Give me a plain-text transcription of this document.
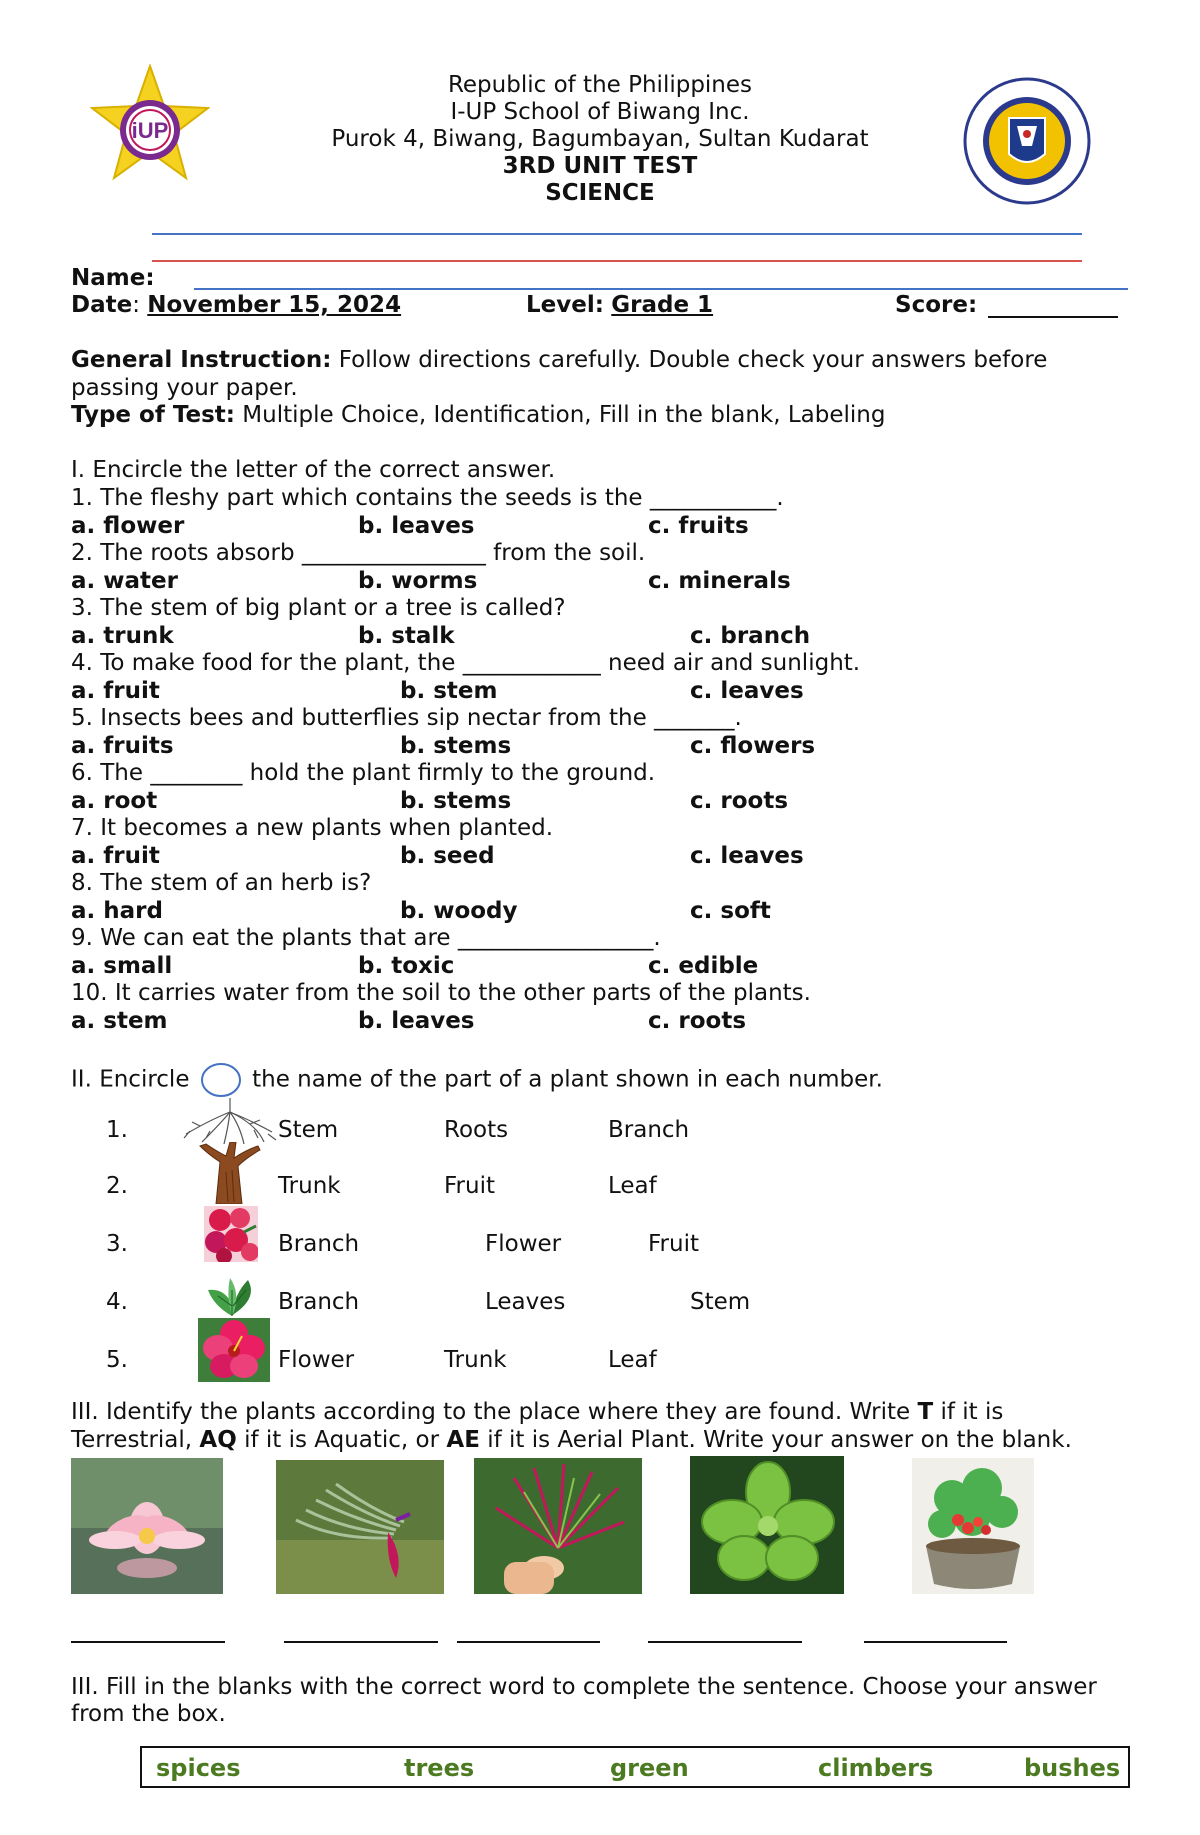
iUP
Republic of the Philippines
I-UP School of Biwang Inc.
Purok 4, Biwang, Bagumbayan, Sultan Kudarat
3RD UNIT TEST
SCIENCE
Name:
Date: November 15, 2024	Level: Grade 1	Score:
General Instruction: Follow directions carefully. Double check your answers before
passing your paper.
Type of Test: Multiple Choice, Identification, Fill in the blank, Labeling
I. Encircle the letter of the correct answer.
1. The fleshy part which contains the seeds is the ___________.
a. flower	b. leaves	c. fruits
2. The roots absorb ________________ from the soil.
a. water	b. worms	c. minerals
3. The stem of big plant or a tree is called?
a. trunk	b. stalk	c. branch
4. To make food for the plant, the ____________ need air and sunlight.
a. fruit	b. stem	c. leaves
5. Insects bees and butterflies sip nectar from the _______.
a. fruits	b. stems	c. flowers
6. The ________ hold the plant firmly to the ground.
a. root	b. stems	c. roots
7. It becomes a new plants when planted.
a. fruit	b. seed	c. leaves
8. The stem of an herb is?
a. hard	b. woody	c. soft
9. We can eat the plants that are _________________.
a. small	b. toxic	c. edible
10. It carries water from the soil to the other parts of the plants.
a. stem	b. leaves	c. roots
II. Encircle	the name of the part of a plant shown in each number.
1.	Stem	Roots	Branch
2.	Trunk	Fruit	Leaf
3.	Branch	Flower	Fruit
4.	Branch	Leaves	Stem
5.	Flower	Trunk	Leaf
III. Identify the plants according to the place where they are found. Write T if it is
Terrestrial, AQ if it is Aquatic, or AE if it is Aerial Plant. Write your answer on the blank.
III. Fill in the blanks with the correct word to complete the sentence. Choose your answer
from the box.
spices	trees	green	climbers	bushes
